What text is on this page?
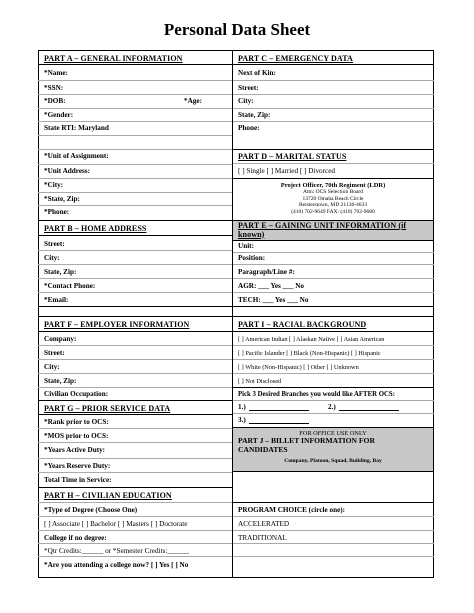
Personal Data Sheet
PART A – GENERAL INFORMATION
*Name:
*SSN:
*DOB:	*Age:
*Gender:
State RTI: Maryland
*Unit of Assignment:
*Unit Address:
*City:
*State, Zip:
*Phone:
PART B – HOME ADDRESS
Street:
City:
State, Zip:
*Contact Phone:
*Email:
PART F – EMPLOYER INFORMATION
Company:
Street:
City:
State, Zip:
Civilian Occupation:
PART G – PRIOR SERVICE DATA
*Rank prior to OCS:
*MOS prior to OCS:
*Years Active Duty:
*Years Reserve Duty:
Total Time in Service:
PART H – CIVILIAN EDUCATION
*Type of Degree (Choose One)
[ ] Associate [ ] Bachelor [ ] Masters [ ] Doctorate
College if no degree:
*Qtr Credits:______ or *Semester Credits:______
*Are you attending a college now? [ ] Yes [ ] No
PART C – EMERGENCY DATA
Next of Kin:
Street:
City:
State, Zip:
Phone:
PART D – MARITAL STATUS
[ ] Single [ ] Married [ ] Divorced
Project Officer, 70th Regiment (LDR)
Attn: OCS Selection Board
13720 Omaha Beach Circle
Reisterstown, MD 21136-4633
(410) 702-9649 FAX: (410) 702-9680
PART E – GAINING UNIT INFORMATION (if known)
Unit:
Position:
Paragraph/Line #:
AGR: ___ Yes ___ No
TECH: ___ Yes ___ No
PART I – RACIAL BACKGROUND
[ ] American Indian [ ] Alaskan Native [ ] Asian American
[ ] Pacific Islander [ ] Black (Non-Hispanic) [ ] Hispanic
[ ] White (Non-Hispanic) [ ] Other [ ] Unknown
[ ] Not Disclosed
Pick 3 Desired Branches you would like AFTER OCS:
1.)	2.)
3.)
FOR OFFICE USE ONLY
PART J – BILLET INFORMATION FOR CANDIDATES
Company, Platoon, Squad, Building, Bay
PROGRAM CHOICE (circle one):
ACCELERATED
TRADITIONAL
